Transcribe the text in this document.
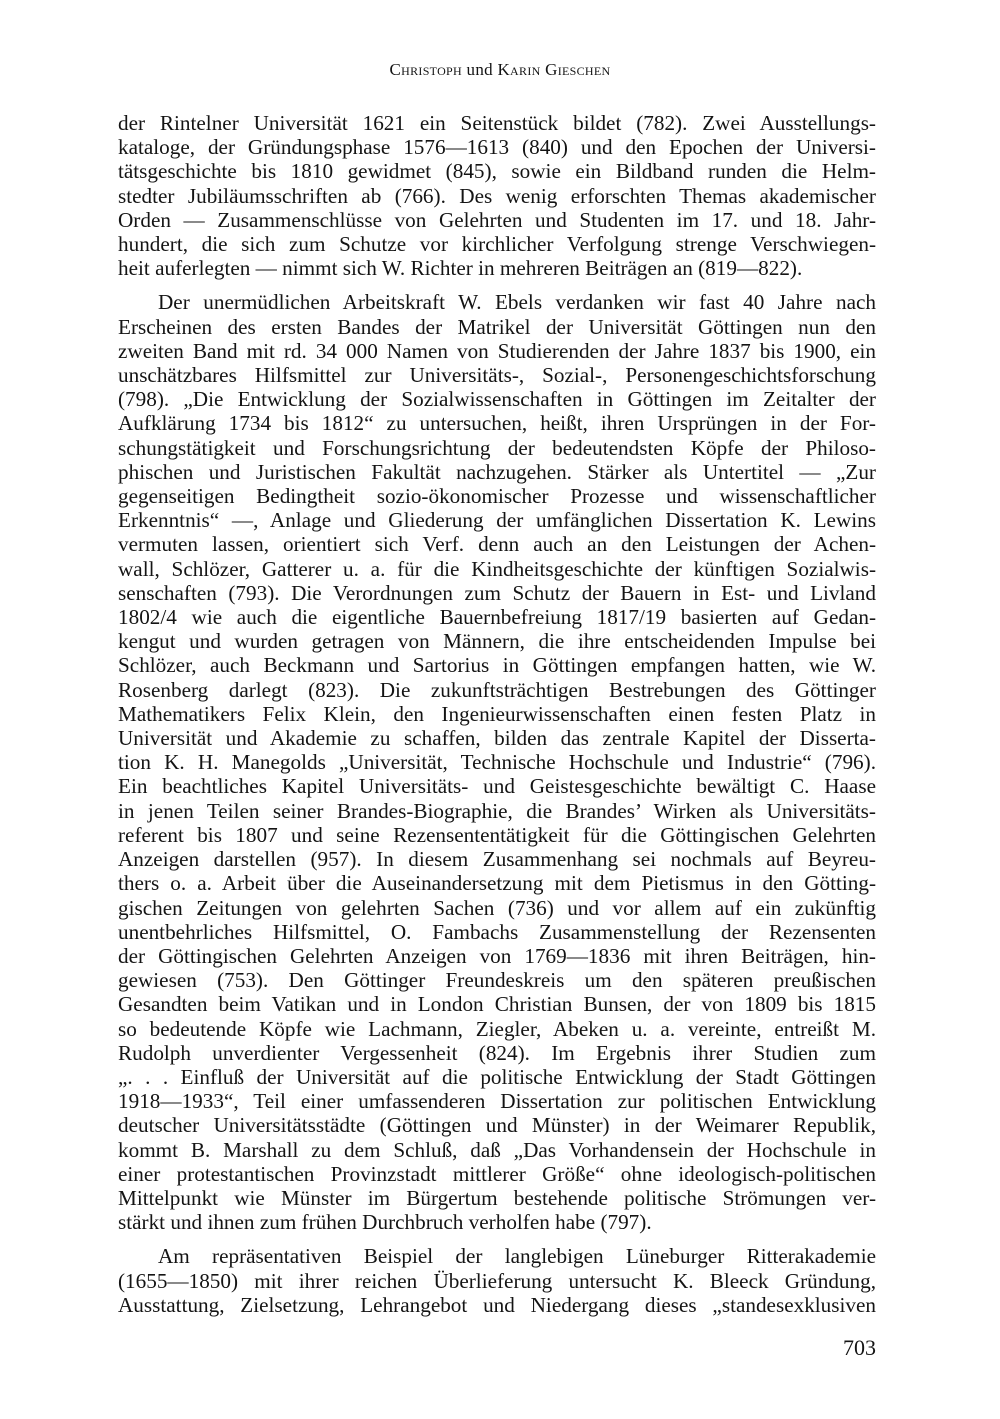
Christoph und Karin Gieschen
der Rintelner Universität 1621 ein Seitenstück bildet (782). Zwei Ausstellungs-
kataloge, der Gründungsphase 1576—1613 (840) und den Epochen der Universi-
tätsgeschichte bis 1810 gewidmet (845), sowie ein Bildband runden die Helm-
stedter Jubiläumsschriften ab (766). Des wenig erforschten Themas akademischer
Orden — Zusammenschlüsse von Gelehrten und Studenten im 17. und 18. Jahr-
hundert, die sich zum Schutze vor kirchlicher Verfolgung strenge Verschwiegen-
heit auferlegten — nimmt sich W. Richter in mehreren Beiträgen an (819—822).
Der unermüdlichen Arbeitskraft W. Ebels verdanken wir fast 40 Jahre nach
Erscheinen des ersten Bandes der Matrikel der Universität Göttingen nun den
zweiten Band mit rd. 34 000 Namen von Studierenden der Jahre 1837 bis 1900, ein
unschätzbares Hilfsmittel zur Universitäts-, Sozial-, Personengeschichtsforschung
(798). „Die Entwicklung der Sozialwissenschaften in Göttingen im Zeitalter der
Aufklärung 1734 bis 1812“ zu untersuchen, heißt, ihren Ursprüngen in der For-
schungstätigkeit und Forschungsrichtung der bedeutendsten Köpfe der Philoso-
phischen und Juristischen Fakultät nachzugehen. Stärker als Untertitel — „Zur
gegenseitigen Bedingtheit sozio-ökonomischer Prozesse und wissenschaftlicher
Erkenntnis“ —, Anlage und Gliederung der umfänglichen Dissertation K. Lewins
vermuten lassen, orientiert sich Verf. denn auch an den Leistungen der Achen-
wall, Schlözer, Gatterer u. a. für die Kindheitsgeschichte der künftigen Sozialwis-
senschaften (793). Die Verordnungen zum Schutz der Bauern in Est- und Livland
1802/4 wie auch die eigentliche Bauernbefreiung 1817/19 basierten auf Gedan-
kengut und wurden getragen von Männern, die ihre entscheidenden Impulse bei
Schlözer, auch Beckmann und Sartorius in Göttingen empfangen hatten, wie W.
Rosenberg darlegt (823). Die zukunftsträchtigen Bestrebungen des Göttinger
Mathematikers Felix Klein, den Ingenieurwissenschaften einen festen Platz in
Universität und Akademie zu schaffen, bilden das zentrale Kapitel der Disserta-
tion K. H. Manegolds „Universität, Technische Hochschule und Industrie“ (796).
Ein beachtliches Kapitel Universitäts- und Geistesgeschichte bewältigt C. Haase
in jenen Teilen seiner Brandes-Biographie, die Brandes’ Wirken als Universitäts-
referent bis 1807 und seine Rezensententätigkeit für die Göttingischen Gelehrten
Anzeigen darstellen (957). In diesem Zusammenhang sei nochmals auf Beyreu-
thers o. a. Arbeit über die Auseinandersetzung mit dem Pietismus in den Götting-
gischen Zeitungen von gelehrten Sachen (736) und vor allem auf ein zukünftig
unentbehrliches Hilfsmittel, O. Fambachs Zusammenstellung der Rezensenten
der Göttingischen Gelehrten Anzeigen von 1769—1836 mit ihren Beiträgen, hin-
gewiesen (753). Den Göttinger Freundeskreis um den späteren preußischen
Gesandten beim Vatikan und in London Christian Bunsen, der von 1809 bis 1815
so bedeutende Köpfe wie Lachmann, Ziegler, Abeken u. a. vereinte, entreißt M.
Rudolph unverdienter Vergessenheit (824). Im Ergebnis ihrer Studien zum
„. . . Einfluß der Universität auf die politische Entwicklung der Stadt Göttingen
1918—1933“, Teil einer umfassenderen Dissertation zur politischen Entwicklung
deutscher Universitätsstädte (Göttingen und Münster) in der Weimarer Republik,
kommt B. Marshall zu dem Schluß, daß „Das Vorhandensein der Hochschule in
einer protestantischen Provinzstadt mittlerer Größe“ ohne ideologisch-politischen
Mittelpunkt wie Münster im Bürgertum bestehende politische Strömungen ver-
stärkt und ihnen zum frühen Durchbruch verholfen habe (797).
Am repräsentativen Beispiel der langlebigen Lüneburger Ritterakademie
(1655—1850) mit ihrer reichen Überlieferung untersucht K. Bleeck Gründung,
Ausstattung, Zielsetzung, Lehrangebot und Niedergang dieses „standesexklusiven
703
